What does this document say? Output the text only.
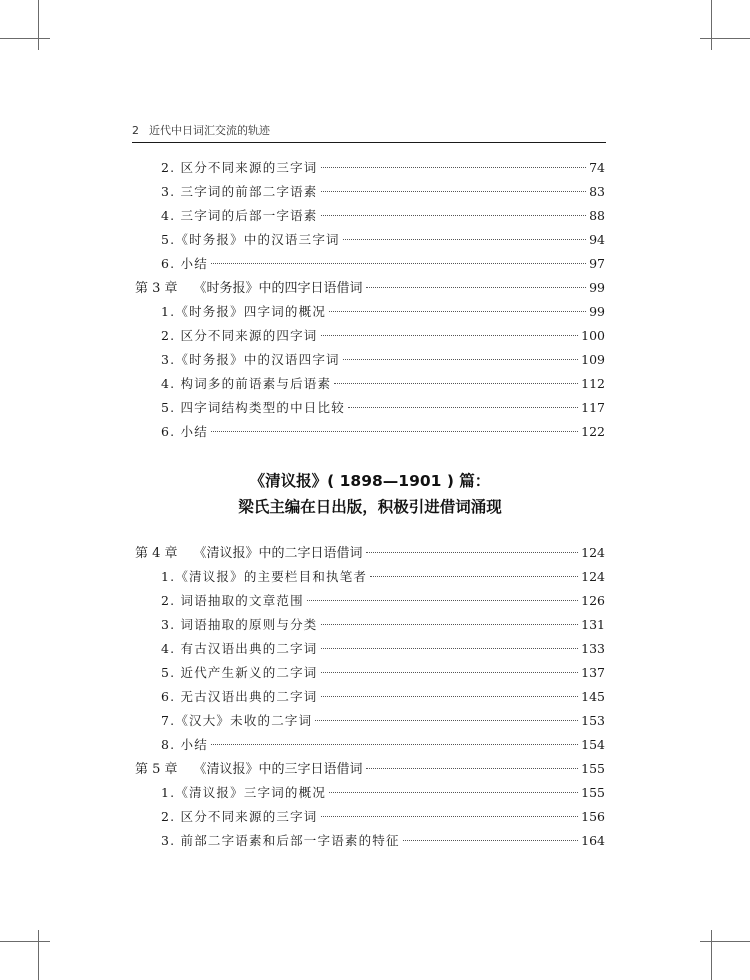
2 近代中日词汇交流的轨迹
2. 区分不同来源的三字词	74
3. 三字词的前部二字语素	83
4. 三字词的后部一字语素	88
5.《时务报》中的汉语三字词	94
6. 小结	97
第 3 章 《时务报》中的四字日语借词	99
1.《时务报》四字词的概况	99
2. 区分不同来源的四字词	100
3.《时务报》中的汉语四字词	109
4. 构词多的前语素与后语素	112
5. 四字词结构类型的中日比较	117
6. 小结	122
《清议报》( 1898—1901 ) 篇：
梁氏主编在日出版，积极引进借词涌现
第 4 章 《清议报》中的二字日语借词	124
1.《清议报》的主要栏目和执笔者	124
2. 词语抽取的文章范围	126
3. 词语抽取的原则与分类	131
4. 有古汉语出典的二字词	133
5. 近代产生新义的二字词	137
6. 无古汉语出典的二字词	145
7.《汉大》未收的二字词	153
8. 小结	154
第 5 章 《清议报》中的三字日语借词	155
1.《清议报》三字词的概况	155
2. 区分不同来源的三字词	156
3. 前部二字语素和后部一字语素的特征	164
